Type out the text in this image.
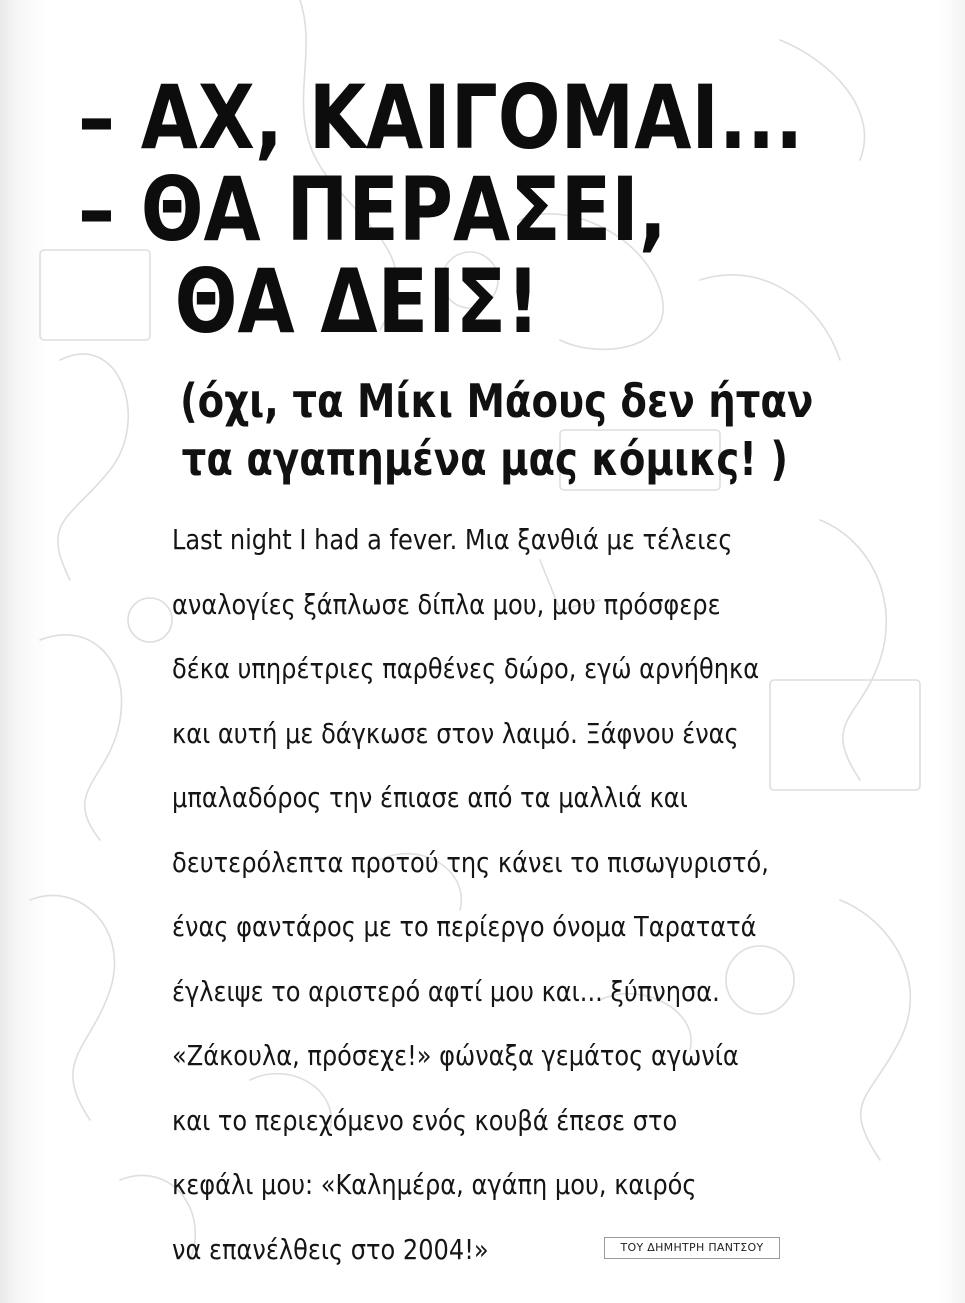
– ΑΧ, ΚΑΙΓΟΜΑΙ...
– ΘΑ ΠΕΡΑΣΕΙ,
ΘΑ ΔΕΙΣ!
(όχι, τα Μίκι Μάους δεν ήταν
τα αγαπημένα μας κόμικς! )
Last night I had a fever. Μια ξανθιά με τέλειες
αναλογίες ξάπλωσε δίπλα μου, μου πρόσφερε
δέκα υπηρέτριες παρθένες δώρο, εγώ αρνήθηκα
και αυτή με δάγκωσε στον λαιμό. Ξάφνου ένας
μπαλαδόρος την έπιασε από τα μαλλιά και
δευτερόλεπτα προτού της κάνει το πισωγυριστό,
ένας φαντάρος με το περίεργο όνομα Ταρατατά
έγλειψε το αριστερό αφτί μου και... ξύπνησα.
«Ζάκουλα, πρόσεχε!» φώναξα γεμάτος αγωνία
και το περιεχόμενο ενός κουβά έπεσε στο
κεφάλι μου: «Καλημέρα, αγάπη μου, καιρός
να επανέλθεις στο 2004!»	ΤΟΥ ΔΗΜΗΤΡΗ ΠΑΝΤΣΟΥ
